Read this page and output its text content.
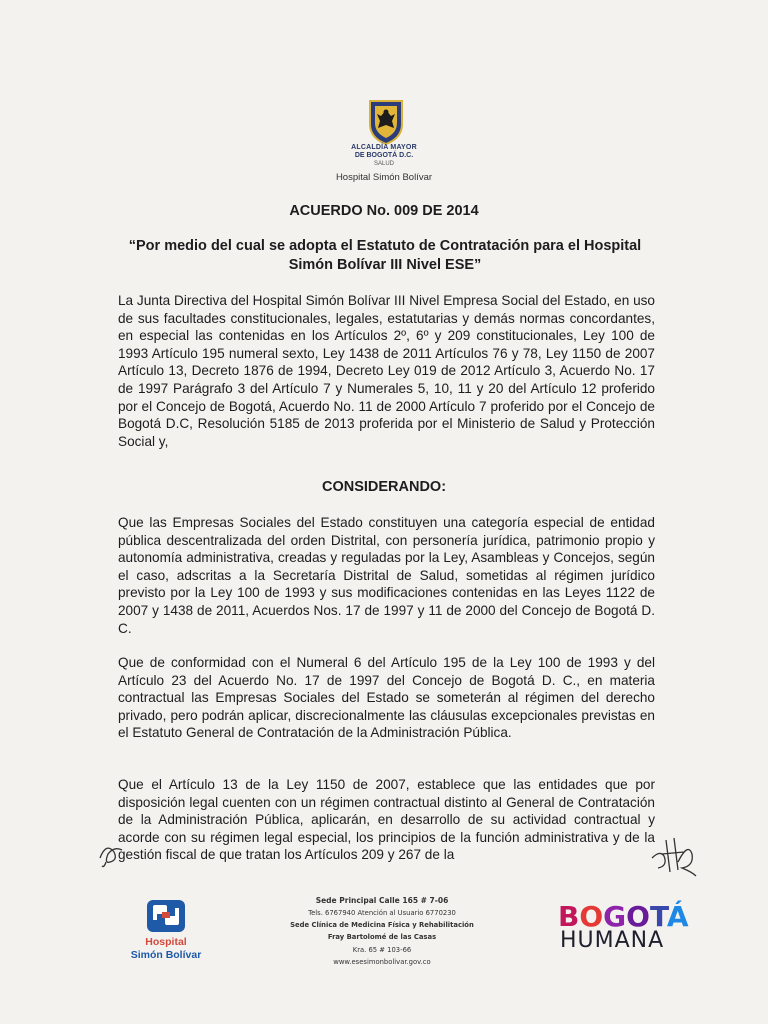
ALCALDÍA MAYOR
DE BOGOTÁ D.C.
SALUD
Hospital Simón Bolívar
ACUERDO No. 009 DE 2014
“Por medio del cual se adopta el Estatuto de Contratación para el Hospital Simón Bolívar III Nivel ESE”
La Junta Directiva del Hospital Simón Bolívar III Nivel Empresa Social del Estado, en uso de sus facultades constitucionales, legales, estatutarias y demás normas concordantes, en especial las contenidas en los Artículos 2º, 6º y 209 constitucionales, Ley 100 de 1993 Artículo 195 numeral sexto, Ley 1438 de 2011 Artículos 76 y 78, Ley 1150 de 2007 Artículo 13, Decreto 1876 de 1994, Decreto Ley 019 de 2012 Artículo 3, Acuerdo No. 17 de 1997 Parágrafo 3 del Artículo 7 y Numerales 5, 10, 11 y 20 del Artículo 12 proferido por el Concejo de Bogotá, Acuerdo No. 11 de 2000 Artículo 7 proferido por el Concejo de Bogotá D.C, Resolución 5185 de 2013 proferida por el Ministerio de Salud y Protección Social y,
CONSIDERANDO:
Que las Empresas Sociales del Estado constituyen una categoría especial de entidad pública descentralizada del orden Distrital, con personería jurídica, patrimonio propio y autonomía administrativa, creadas y reguladas por la Ley, Asambleas y Concejos, según el caso, adscritas a la Secretaría Distrital de Salud, sometidas al régimen jurídico previsto por la Ley 100 de 1993 y sus modificaciones contenidas en las Leyes 1122 de 2007 y 1438 de 2011, Acuerdos Nos. 17 de 1997 y 11 de 2000 del Concejo de Bogotá D. C.
Que de conformidad con el Numeral 6 del Artículo 195 de la Ley 100 de 1993 y del Artículo 23 del Acuerdo No. 17 de 1997 del Concejo de Bogotá D. C., en materia contractual las Empresas Sociales del Estado se someterán al régimen del derecho privado, pero podrán aplicar, discrecionalmente las cláusulas excepcionales previstas en el Estatuto General de Contratación de la Administración Pública.
Que el Artículo 13 de la Ley 1150 de 2007, establece que las entidades que por disposición legal cuenten con un régimen contractual distinto al General de Contratación de la Administración Pública, aplicarán, en desarrollo de su actividad contractual y acorde con su régimen legal especial, los principios de la función administrativa y de la gestión fiscal de que tratan los Artículos 209 y 267 de la
Hospital
Simón Bolívar
Sede Principal Calle 165 # 7-06
Tels. 6767940 Atención al Usuario 6770230
Sede Clínica de Medicina Física y Rehabilitación
Fray Bartolomé de las Casas
Kra. 65 # 103-66
www.esesimonbolivar.gov.co
BOGOTÁ
HUMANA
